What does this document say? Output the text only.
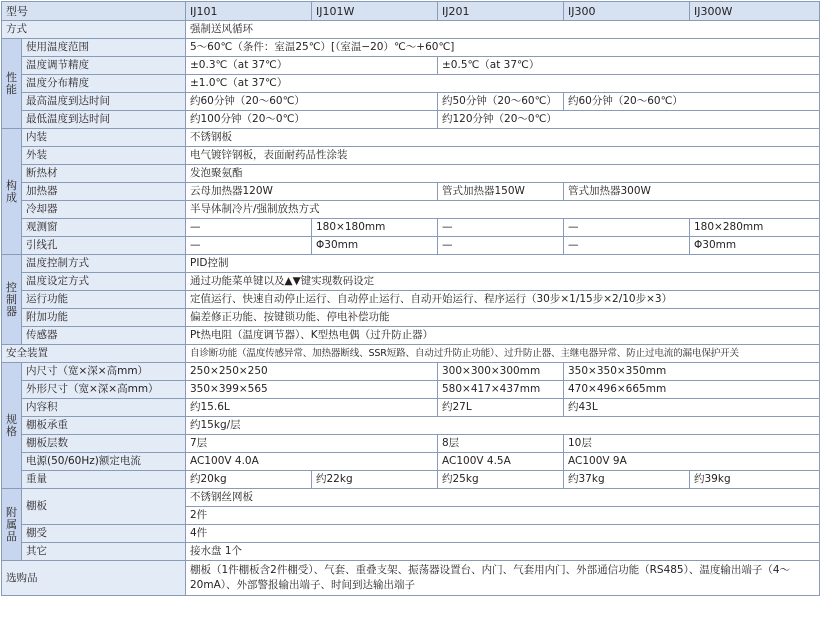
型号		IJ101	IJ101W	IJ201	IJ300	IJ300W
方式		强制送风循环				
性能	使用温度范围	5～60℃（条件：室温25℃）[（室温−20）℃～+60℃]				
	温度调节精度	±0.3℃（at 37℃）		±0.5℃（at 37℃）		
	温度分布精度	±1.0℃（at 37℃）				
	最高温度到达时间	约60分钟（20～60℃）		约50分钟（20～60℃）	约60分钟（20～60℃）	
	最低温度到达时间	约100分钟（20～0℃）		约120分钟（20～0℃）		
构成	内装	不锈钢板				
	外装	电气镀锌钢板，表面耐药品性涂装				
	断热材	发泡聚氨酯				
	加热器	云母加热器120W		管式加热器150W	管式加热器300W	
	冷却器	半导体制冷片/强制放热方式				
	观测窗	—	180×180mm	—	—	180×280mm
	引线孔	—	Φ30mm	—	—	Φ30mm
控制器	温度控制方式	PID控制				
	温度设定方式	通过功能菜单键以及▲▼键实现数码设定				
	运行功能	定值运行、快速自动停止运行、自动停止运行、自动开始运行、程序运行（30步×1/15步×2/10步×3）				
	附加功能	偏差修正功能、按键锁功能、停电补偿功能				
	传感器	Pt热电阻（温度调节器）、K型热电偶（过升防止器）				
安全装置		自诊断功能（温度传感异常、加热器断线、SSR短路、自动过升防止功能）、过升防止器、主继电器异常、防止过电流的漏电保护开关				
规格	内尺寸（宽×深×高mm）	250×250×250		300×300×300mm	350×350×350mm	
	外形尺寸（宽×深×高mm）	350×399×565		580×417×437mm	470×496×665mm	
	内容积	约15.6L		约27L	约43L	
	棚板承重	约15kg/层				
	棚板层数	7层		8层	10层	
	电源(50/60Hz)额定电流	AC100V 4.0A		AC100V 4.5A	AC100V 9A	
	重量	约20kg	约22kg	约25kg	约37kg	约39kg
附属品	棚板	不锈钢丝网板				
		2件				
	棚受	4件				
	其它	接水盘 1个				
选购品		棚板（1件棚板含2件棚受）、气套、重叠支架、振荡器设置台、内门、气套用内门、外部通信功能（RS485）、温度输出端子（4～20mA）、外部警报输出端子、时间到达输出端子				
